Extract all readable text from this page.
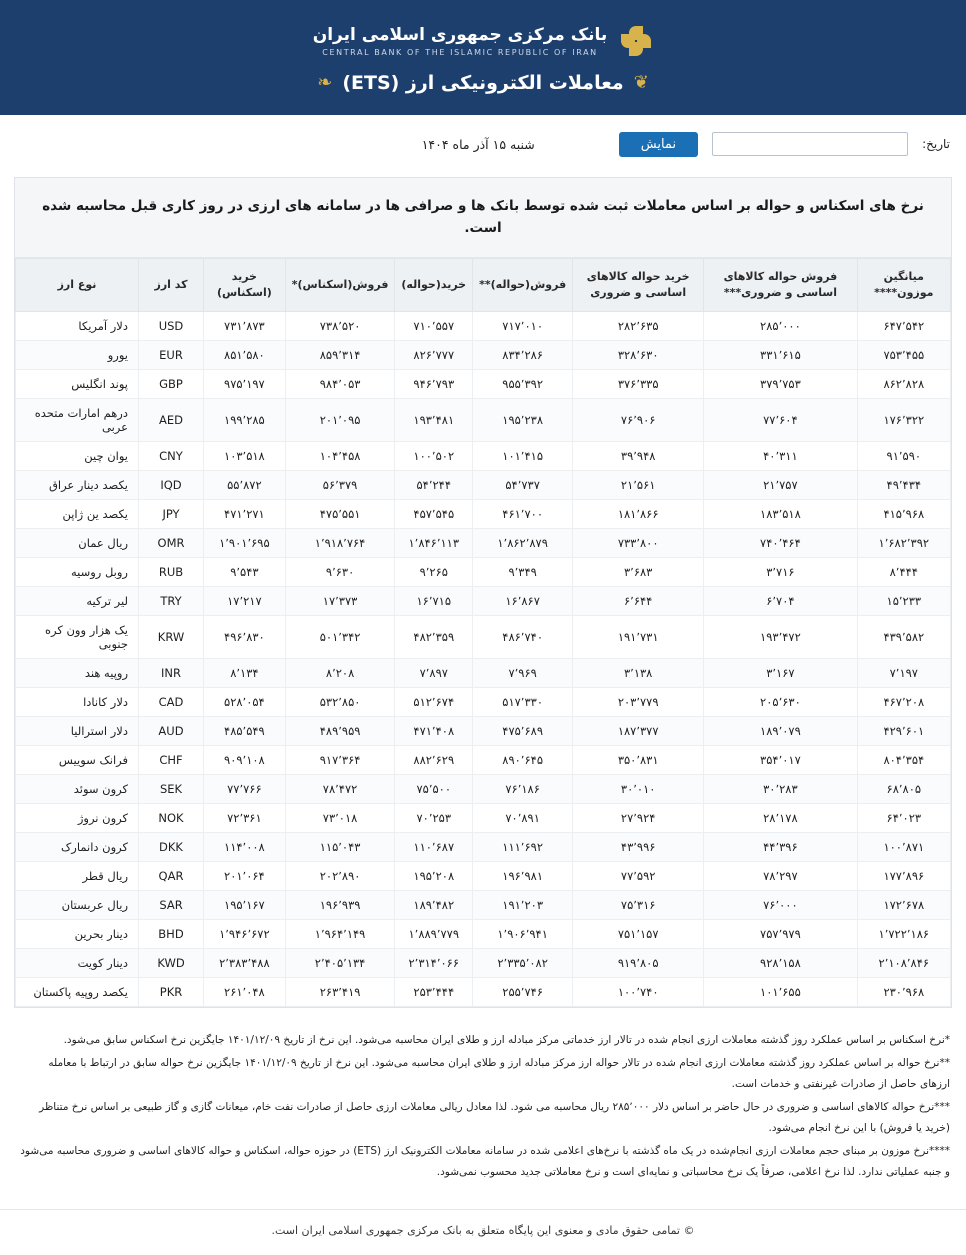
بانک مرکزی جمهوری اسلامی ایران
CENTRAL BANK OF THE ISLAMIC REPUBLIC OF IRAN
❦
معاملات الکترونیکی ارز (ETS)
❧
تاریخ:
نمایش
شنبه ۱۵ آذر ماه ۱۴۰۴
نرخ های اسکناس و حواله بر اساس معاملات ثبت شده توسط بانک ها و صرافی ها در سامانه های ارزی در روز کاری قبل محاسبه شده است.
میانگین موزون****	فروش حواله کالاهای اساسی و ضروری***	خرید حواله کالاهای اساسی و ضروری	فروش(حواله)**	خرید(حواله)	فروش(اسکناس)*	خرید (اسکناس)	کد ارز	نوع ارز
۶۴۷٬۵۴۲	۲۸۵٬۰۰۰	۲۸۲٬۶۳۵	۷۱۷٬۰۱۰	۷۱۰٬۵۵۷	۷۳۸٬۵۲۰	۷۳۱٬۸۷۳	USD	دلار آمریکا
۷۵۳٬۴۵۵	۳۳۱٬۶۱۵	۳۲۸٬۶۳۰	۸۳۴٬۲۸۶	۸۲۶٬۷۷۷	۸۵۹٬۳۱۴	۸۵۱٬۵۸۰	EUR	یورو
۸۶۲٬۸۲۸	۳۷۹٬۷۵۳	۳۷۶٬۳۳۵	۹۵۵٬۳۹۲	۹۴۶٬۷۹۳	۹۸۴٬۰۵۳	۹۷۵٬۱۹۷	GBP	پوند انگلیس
۱۷۶٬۳۲۲	۷۷٬۶۰۴	۷۶٬۹۰۶	۱۹۵٬۲۳۸	۱۹۳٬۴۸۱	۲۰۱٬۰۹۵	۱۹۹٬۲۸۵	AED	درهم امارات متحده عربی
۹۱٬۵۹۰	۴۰٬۳۱۱	۳۹٬۹۴۸	۱۰۱٬۴۱۵	۱۰۰٬۵۰۲	۱۰۴٬۴۵۸	۱۰۳٬۵۱۸	CNY	یوان چین
۴۹٬۴۳۴	۲۱٬۷۵۷	۲۱٬۵۶۱	۵۴٬۷۳۷	۵۴٬۲۴۴	۵۶٬۳۷۹	۵۵٬۸۷۲	IQD	یکصد دینار عراق
۴۱۵٬۹۶۸	۱۸۳٬۵۱۸	۱۸۱٬۸۶۶	۴۶۱٬۷۰۰	۴۵۷٬۵۴۵	۴۷۵٬۵۵۱	۴۷۱٬۲۷۱	JPY	یکصد ین ژاپن
۱٬۶۸۲٬۳۹۲	۷۴۰٬۴۶۴	۷۳۳٬۸۰۰	۱٬۸۶۲٬۸۷۹	۱٬۸۴۶٬۱۱۳	۱٬۹۱۸٬۷۶۴	۱٬۹۰۱٬۶۹۵	OMR	ریال عمان
۸٬۴۴۴	۳٬۷۱۶	۳٬۶۸۳	۹٬۳۴۹	۹٬۲۶۵	۹٬۶۳۰	۹٬۵۴۳	RUB	روبل روسیه
۱۵٬۲۳۳	۶٬۷۰۴	۶٬۶۴۴	۱۶٬۸۶۷	۱۶٬۷۱۵	۱۷٬۳۷۳	۱۷٬۲۱۷	TRY	لیر ترکیه
۴۳۹٬۵۸۲	۱۹۳٬۴۷۲	۱۹۱٬۷۳۱	۴۸۶٬۷۴۰	۴۸۲٬۳۵۹	۵۰۱٬۳۴۲	۴۹۶٬۸۳۰	KRW	یک هزار وون کره جنوبی
۷٬۱۹۷	۳٬۱۶۷	۳٬۱۳۸	۷٬۹۶۹	۷٬۸۹۷	۸٬۲۰۸	۸٬۱۳۴	INR	روپیه هند
۴۶۷٬۲۰۸	۲۰۵٬۶۳۰	۲۰۳٬۷۷۹	۵۱۷٬۳۳۰	۵۱۲٬۶۷۴	۵۳۲٬۸۵۰	۵۲۸٬۰۵۴	CAD	دلار کانادا
۴۲۹٬۶۰۱	۱۸۹٬۰۷۹	۱۸۷٬۳۷۷	۴۷۵٬۶۸۹	۴۷۱٬۴۰۸	۴۸۹٬۹۵۹	۴۸۵٬۵۴۹	AUD	دلار استرالیا
۸۰۴٬۳۵۴	۳۵۴٬۰۱۷	۳۵۰٬۸۳۱	۸۹۰٬۶۴۵	۸۸۲٬۶۲۹	۹۱۷٬۳۶۴	۹۰۹٬۱۰۸	CHF	فرانک سوییس
۶۸٬۸۰۵	۳۰٬۲۸۳	۳۰٬۰۱۰	۷۶٬۱۸۶	۷۵٬۵۰۰	۷۸٬۴۷۲	۷۷٬۷۶۶	SEK	کرون سوئد
۶۴٬۰۲۳	۲۸٬۱۷۸	۲۷٬۹۲۴	۷۰٬۸۹۱	۷۰٬۲۵۳	۷۳٬۰۱۸	۷۲٬۳۶۱	NOK	کرون نروژ
۱۰۰٬۸۷۱	۴۴٬۳۹۶	۴۳٬۹۹۶	۱۱۱٬۶۹۲	۱۱۰٬۶۸۷	۱۱۵٬۰۴۳	۱۱۴٬۰۰۸	DKK	کرون دانمارک
۱۷۷٬۸۹۶	۷۸٬۲۹۷	۷۷٬۵۹۲	۱۹۶٬۹۸۱	۱۹۵٬۲۰۸	۲۰۲٬۸۹۰	۲۰۱٬۰۶۴	QAR	ریال قطر
۱۷۲٬۶۷۸	۷۶٬۰۰۰	۷۵٬۳۱۶	۱۹۱٬۲۰۳	۱۸۹٬۴۸۲	۱۹۶٬۹۳۹	۱۹۵٬۱۶۷	SAR	ریال عربستان
۱٬۷۲۲٬۱۸۶	۷۵۷٬۹۷۹	۷۵۱٬۱۵۷	۱٬۹۰۶٬۹۴۱	۱٬۸۸۹٬۷۷۹	۱٬۹۶۴٬۱۴۹	۱٬۹۴۶٬۶۷۲	BHD	دینار بحرین
۲٬۱۰۸٬۸۴۶	۹۲۸٬۱۵۸	۹۱۹٬۸۰۵	۲٬۳۳۵٬۰۸۲	۲٬۳۱۴٬۰۶۶	۲٬۴۰۵٬۱۳۴	۲٬۳۸۳٬۴۸۸	KWD	دینار کویت
۲۳۰٬۹۶۸	۱۰۱٬۶۵۵	۱۰۰٬۷۴۰	۲۵۵٬۷۴۶	۲۵۳٬۴۴۴	۲۶۳٬۴۱۹	۲۶۱٬۰۴۸	PKR	یکصد روپیه پاکستان

*نرخ اسکناس بر اساس عملکرد روز گذشته معاملات ارزی انجام شده در تالار ارز خدماتی مرکز مبادله ارز و طلای ایران محاسبه می‌شود. این نرخ از تاریخ ۱۴۰۱/۱۲/۰۹ جایگزین نرخ اسکناس سابق می‌شود.

**نرخ حواله بر اساس عملکرد روز گذشته معاملات ارزی انجام شده در تالار حواله ارز مرکز مبادله ارز و طلای ایران محاسبه می‌شود. این نرخ از تاریخ ۱۴۰۱/۱۲/۰۹ جایگزین نرخ حواله سابق در ارتباط با معامله ارزهای حاصل از صادرات غیرنفتی و خدمات است.

***نرخ حواله کالاهای اساسی و ضروری در حال حاضر بر اساس دلار ۲۸۵٬۰۰۰ ریال محاسبه می شود. لذا معادل ریالی معاملات ارزی حاصل از صادرات نفت خام، میعانات گازی و گاز طبیعی بر اساس نرخ متناظر (خرید یا فروش) با این نرخ انجام می‌شود.

****نرخ موزون بر مبنای حجم معاملات ارزی انجام‌شده در یک ماه گذشته با نرخ‌های اعلامی شده در سامانه معاملات الکترونیک ارز (ETS) در حوزه حواله، اسکناس و حواله کالاهای اساسی و ضروری محاسبه می‌شود و جنبه عملیاتی ندارد. لذا نرخ اعلامی، صرفاً یک نرخ محاسباتی و نمایه‌ای است و نرخ معاملاتی جدید محسوب نمی‌شود.

© تمامی حقوق مادی و معنوی این پایگاه متعلق به بانک مرکزی جمهوری اسلامی ایران است.
